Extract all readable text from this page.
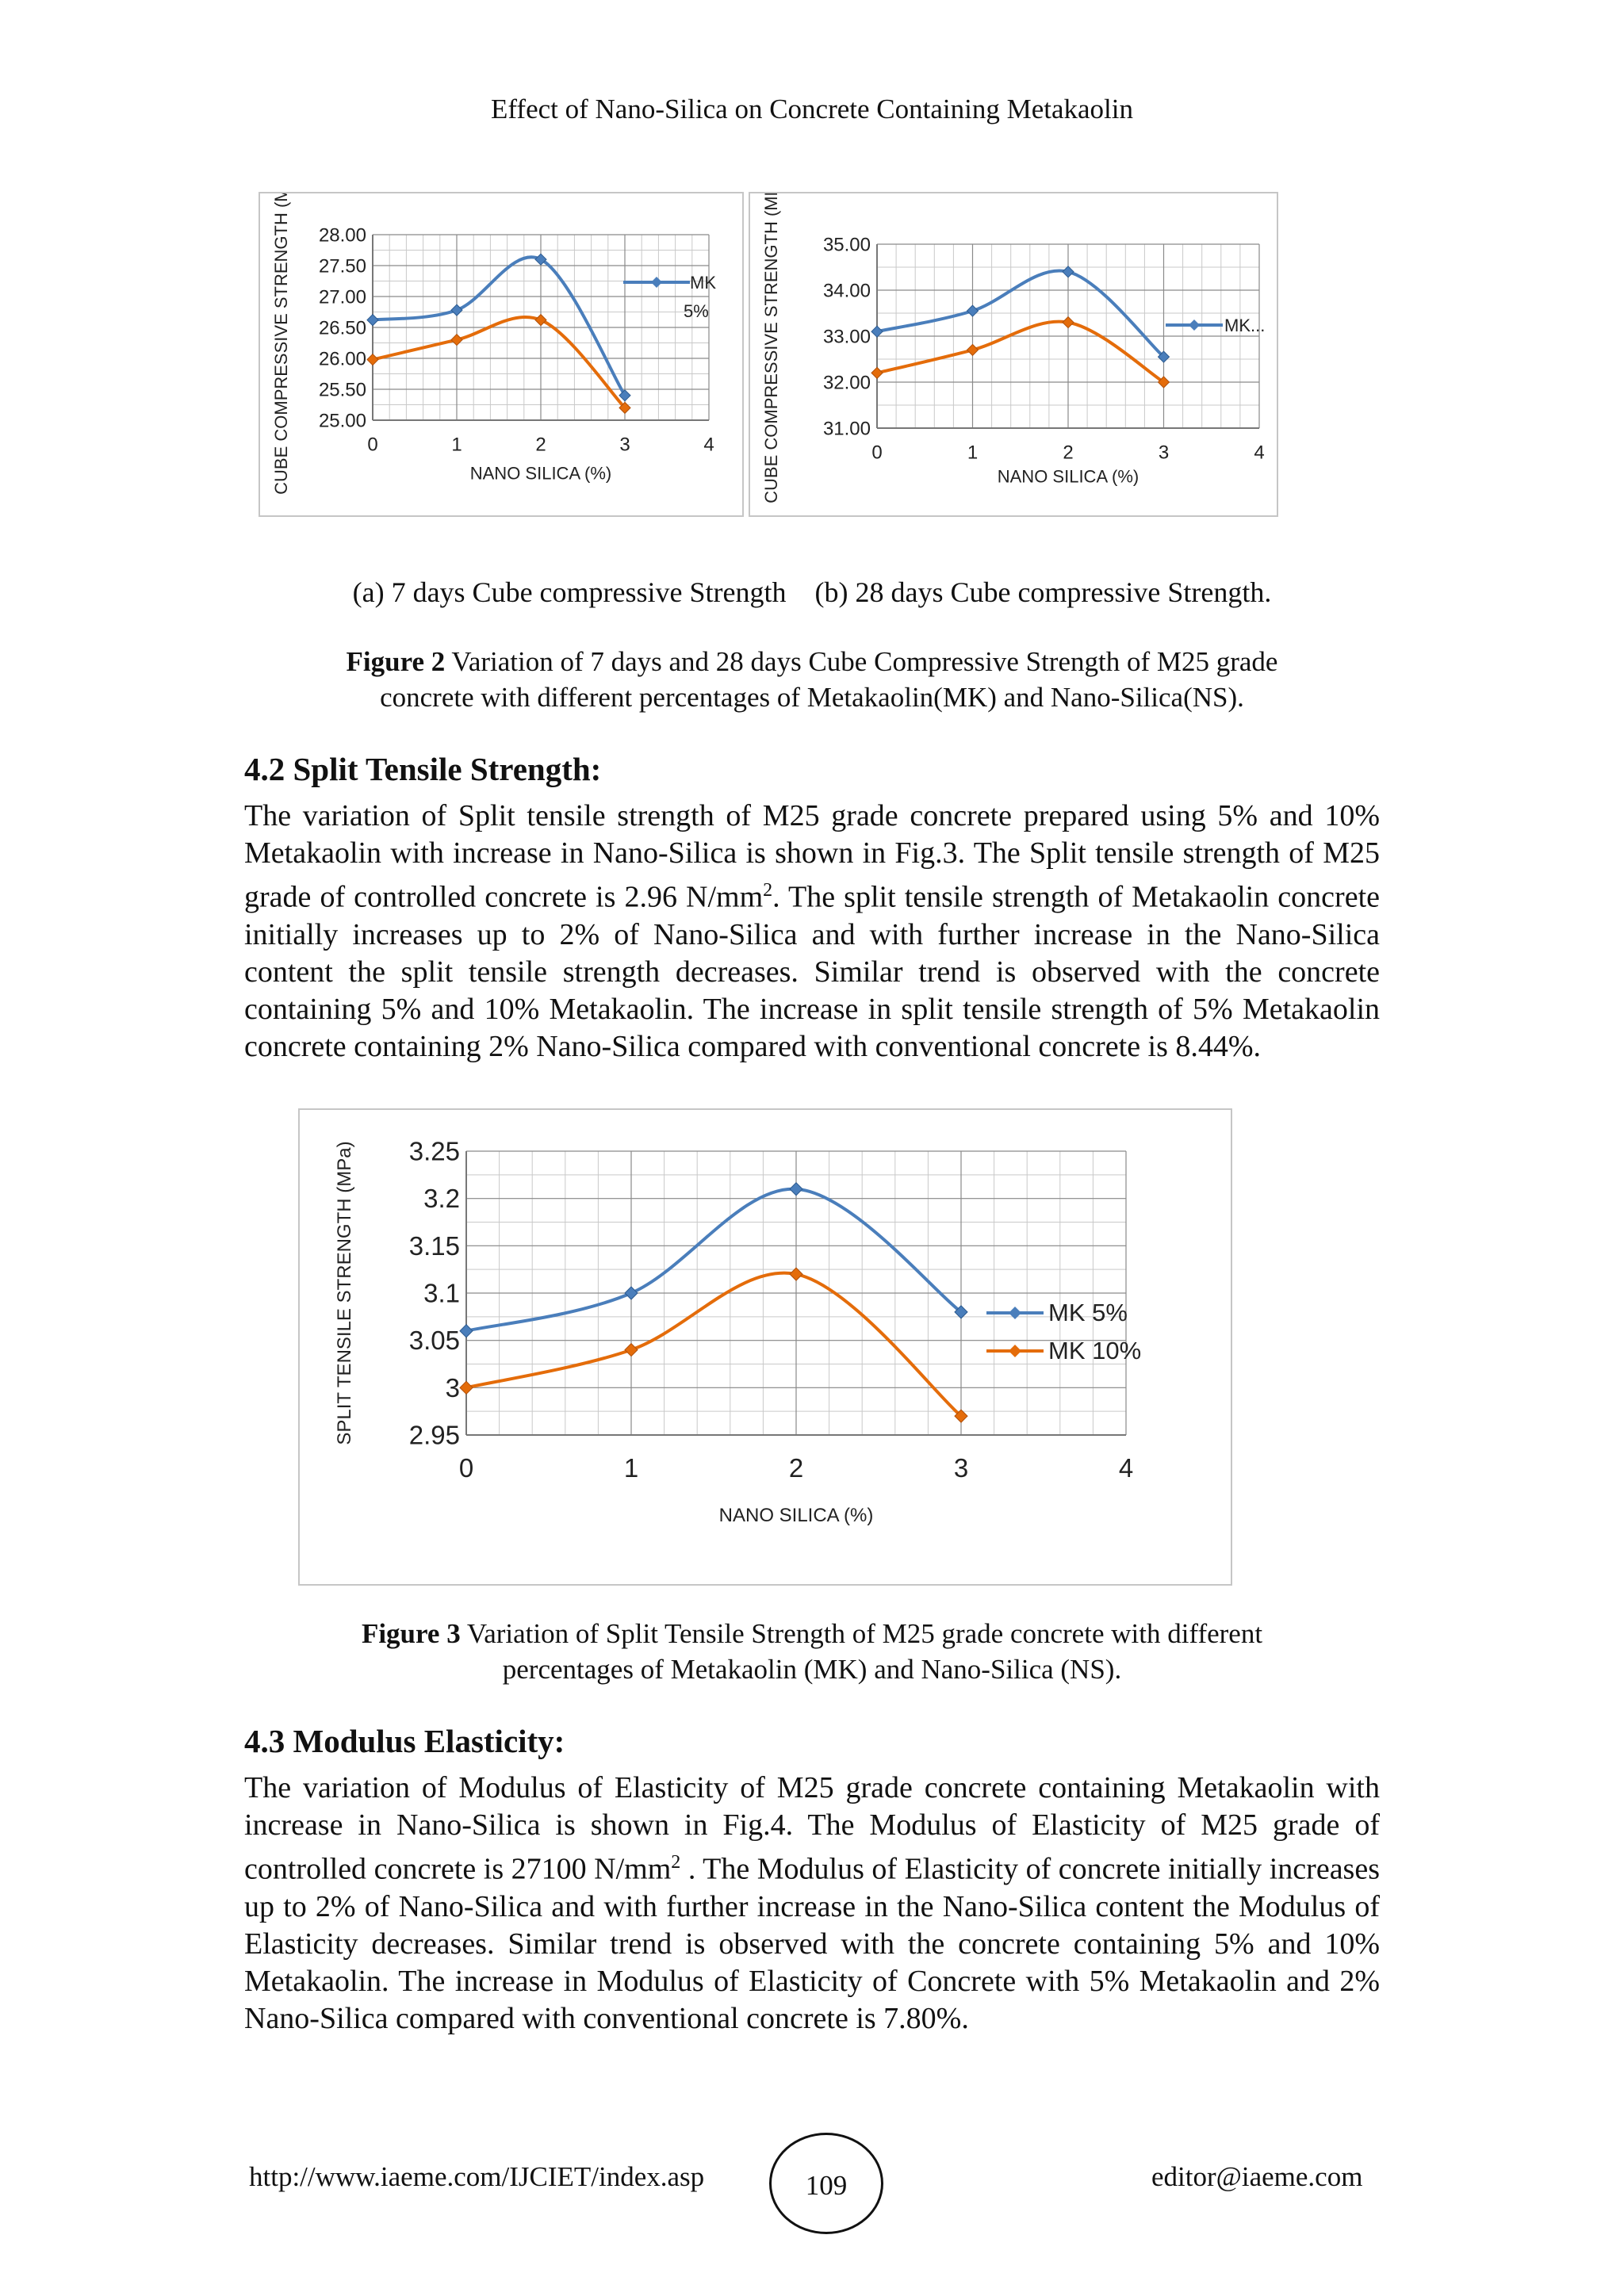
Effect of Nano-Silica on Concrete Containing Metakaolin
28.00
27.50
27.00
26.50
26.00
25.50
25.00
0	1	2	3	4
NANO SILICA (%)
CUBE COMPRESSIVE STRENGTH (MPa)	MK
5%
35.00
34.00
33.00
32.00
31.00
0	1	2	3	4
NANO SILICA (%)
CUBE COMPRESSIVE STRENGTH (MPa)	MK...
(a) 7 days Cube compressive Strength    (b) 28 days Cube compressive Strength.
Figure 2 Variation of 7 days and 28 days Cube Compressive Strength of M25 grade
concrete with different percentages of Metakaolin(MK) and Nano-Silica(NS).
4.2 Split Tensile Strength:
The variation of Split tensile strength of M25 grade concrete prepared using 5% and 10% Metakaolin with increase in Nano-Silica is shown in Fig.3. The Split tensile strength of M25 grade of controlled concrete is 2.96 $N/mm^2$. The split tensile strength of Metakaolin concrete initially increases up to 2% of Nano-Silica and with further increase in the Nano-Silica content the split tensile strength decreases. Similar trend is observed with the concrete containing 5% and 10% Metakaolin. The increase in split tensile strength of 5% Metakaolin concrete containing 2% Nano-Silica compared with conventional concrete is 8.44%.
3.25
3.2
3.15
3.1
3.05
3
2.95
0	1	2	3	4
NANO SILICA (%)
SPLIT TENSILE STRENGTH (MPa)	MK 5%
MK 10%
Figure 3 Variation of Split Tensile Strength of M25 grade concrete with different
percentages of Metakaolin (MK) and Nano-Silica (NS).
4.3 Modulus Elasticity:
The variation of Modulus of Elasticity of M25 grade concrete containing Metakaolin with increase in Nano-Silica is shown in Fig.4. The Modulus of Elasticity of M25 grade of controlled concrete is 27100 $N/mm^2$ . The Modulus of Elasticity of concrete initially increases up to 2% of Nano-Silica and with further increase in the Nano-Silica content the Modulus of Elasticity decreases. Similar trend is observed with the concrete containing 5% and 10% Metakaolin. The increase in Modulus of Elasticity of Concrete with 5% Metakaolin and 2% Nano-Silica compared with conventional concrete is 7.80%.
http://www.iaeme.com/IJCIET/index.asp	109	editor@iaeme.com
